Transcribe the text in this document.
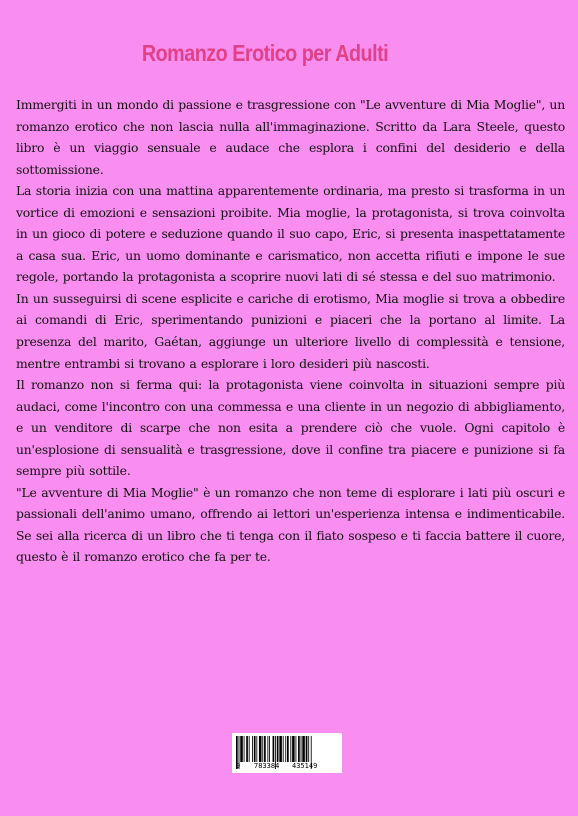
Romanzo Erotico per Adulti

Immergiti in un mondo di passione e trasgressione con "Le avventure di Mia Moglie", un romanzo erotico che non lascia nulla all'immaginazione. Scritto da Lara Steele, questo libro è un viaggio sensuale e audace che esplora i confini del desiderio e della sottomissione.

La storia inizia con una mattina apparentemente ordinaria, ma presto si trasforma in un vortice di emozioni e sensazioni proibite. Mia moglie, la protagonista, si trova coinvolta in un gioco di potere e seduzione quando il suo capo, Eric, si presenta inaspettatamente a casa sua. Eric, un uomo dominante e carismatico, non accetta rifiuti e impone le sue regole, portando la protagonista a scoprire nuovi lati di sé stessa e del suo matrimonio.

In un susseguirsi di scene esplicite e cariche di erotismo, Mia moglie si trova a obbedire ai comandi di Eric, sperimentando punizioni e piaceri che la portano al limite. La presenza del marito, Gaétan, aggiunge un ulteriore livello di complessità e tensione, mentre entrambi si trovano a esplorare i loro desideri più nascosti.

Il romanzo non si ferma qui: la protagonista viene coinvolta in situazioni sempre più audaci, come l'incontro con una commessa e una cliente in un negozio di abbigliamento, e un venditore di scarpe che non esita a prendere ciò che vuole. Ogni capitolo è un'esplosione di sensualità e trasgressione, dove il confine tra piacere e punizione si fa sempre più sottile.

"Le avventure di Mia Moglie" è un romanzo che non teme di esplorare i lati più oscuri e passionali dell'animo umano, offrendo ai lettori un'esperienza intensa e indimenticabile. Se sei alla ricerca di un libro che ti tenga con il fiato sospeso e ti faccia battere il cuore, questo è il romanzo erotico che fa per te.

9 783384 435149
